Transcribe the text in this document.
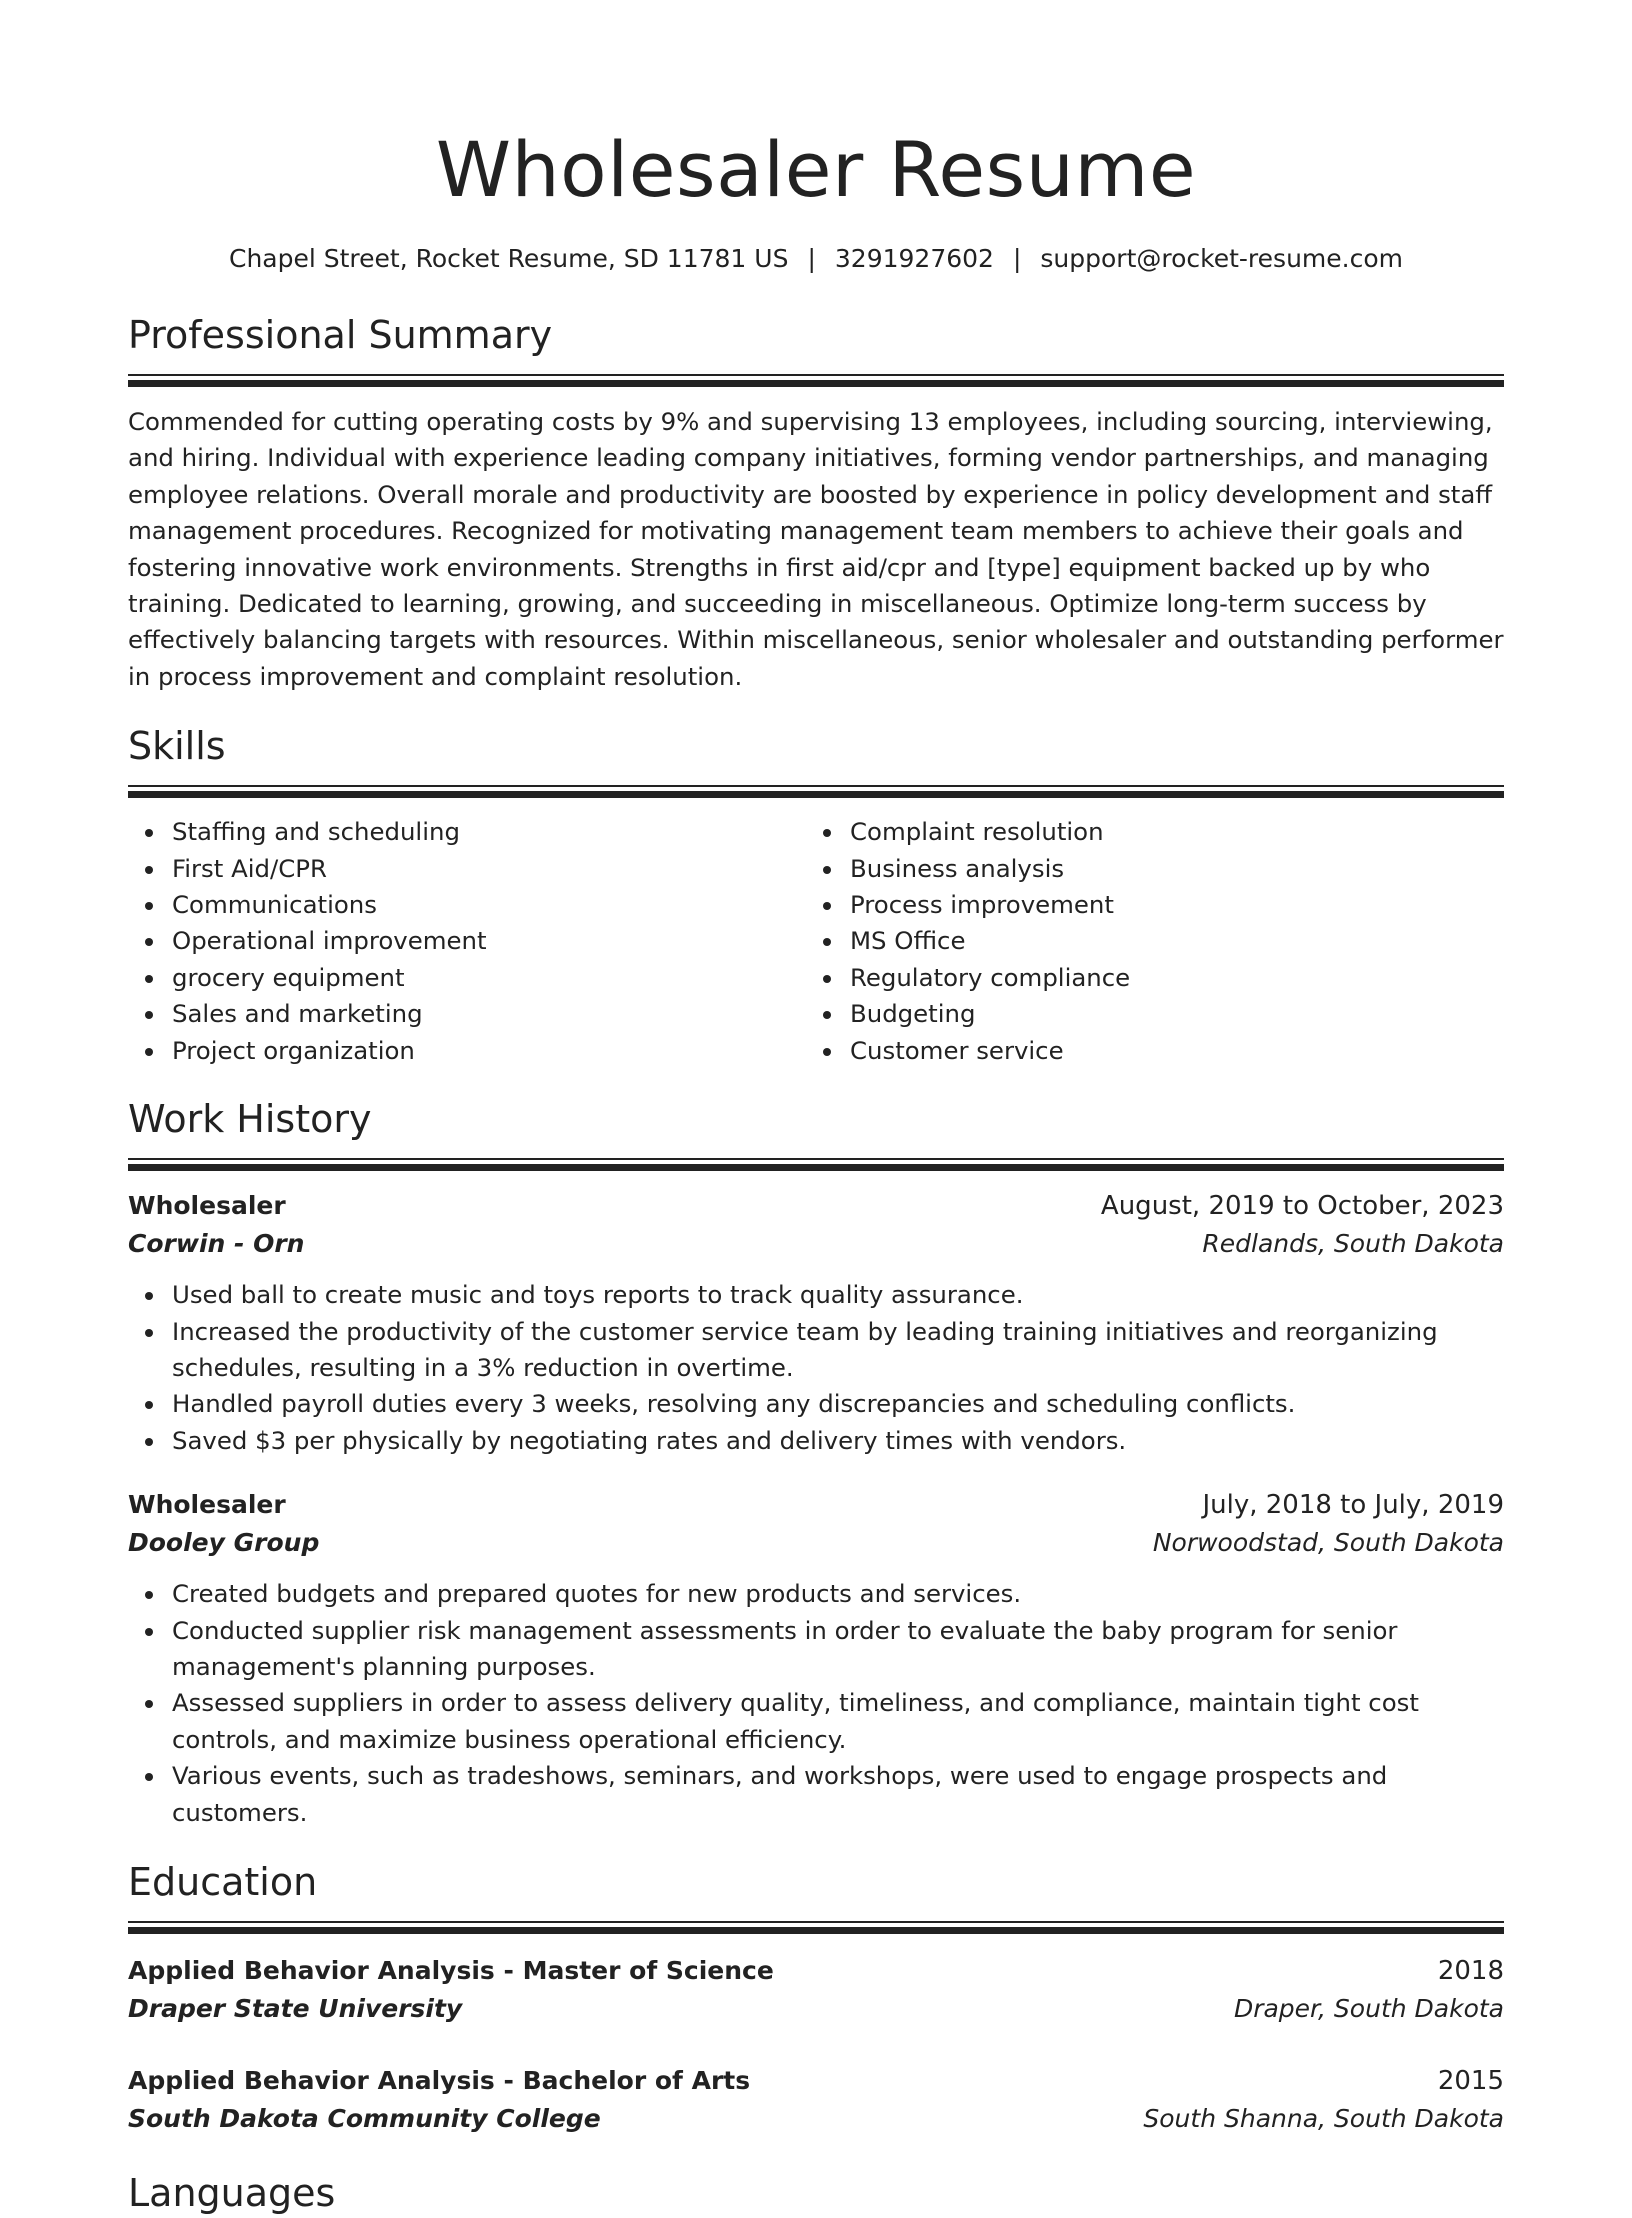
Wholesaler Resume
Chapel Street, Rocket Resume, SD 11781 US | 3291927602 | support@rocket-resume.com
Professional Summary

Commended for cutting operating costs by 9% and supervising 13 employees, including sourcing, interviewing, and hiring. Individual with experience leading company initiatives, forming vendor partnerships, and managing employee relations. Overall morale and productivity are boosted by experience in policy development and staff management procedures. Recognized for motivating management team members to achieve their goals and fostering innovative work environments. Strengths in first aid/cpr and [type] equipment backed up by who training. Dedicated to learning, growing, and succeeding in miscellaneous. Optimize long-term success by effectively balancing targets with resources. Within miscellaneous, senior wholesaler and outstanding performer in process improvement and complaint resolution.

Skills
Staffing and scheduling
First Aid/CPR
Communications
Operational improvement
grocery equipment
Sales and marketing
Project organization
Complaint resolution
Business analysis
Process improvement
MS Office
Regulatory compliance
Budgeting
Customer service
Work History
Wholesaler	August, 2019 to October, 2023
Corwin - Orn	Redlands, South Dakota
Used ball to create music and toys reports to track quality assurance.
Increased the productivity of the customer service team by leading training initiatives and reorganizing schedules, resulting in a 3% reduction in overtime.
Handled payroll duties every 3 weeks, resolving any discrepancies and scheduling conflicts.
Saved $3 per physically by negotiating rates and delivery times with vendors.
Wholesaler	July, 2018 to July, 2019
Dooley Group	Norwoodstad, South Dakota
Created budgets and prepared quotes for new products and services.
Conducted supplier risk management assessments in order to evaluate the baby program for senior management's planning purposes.
Assessed suppliers in order to assess delivery quality, timeliness, and compliance, maintain tight cost controls, and maximize business operational efficiency.
Various events, such as tradeshows, seminars, and workshops, were used to engage prospects and customers.
Education
Applied Behavior Analysis - Master of Science	2018
Draper State University	Draper, South Dakota
Applied Behavior Analysis - Bachelor of Arts	2015
South Dakota Community College	South Shanna, South Dakota
Languages
